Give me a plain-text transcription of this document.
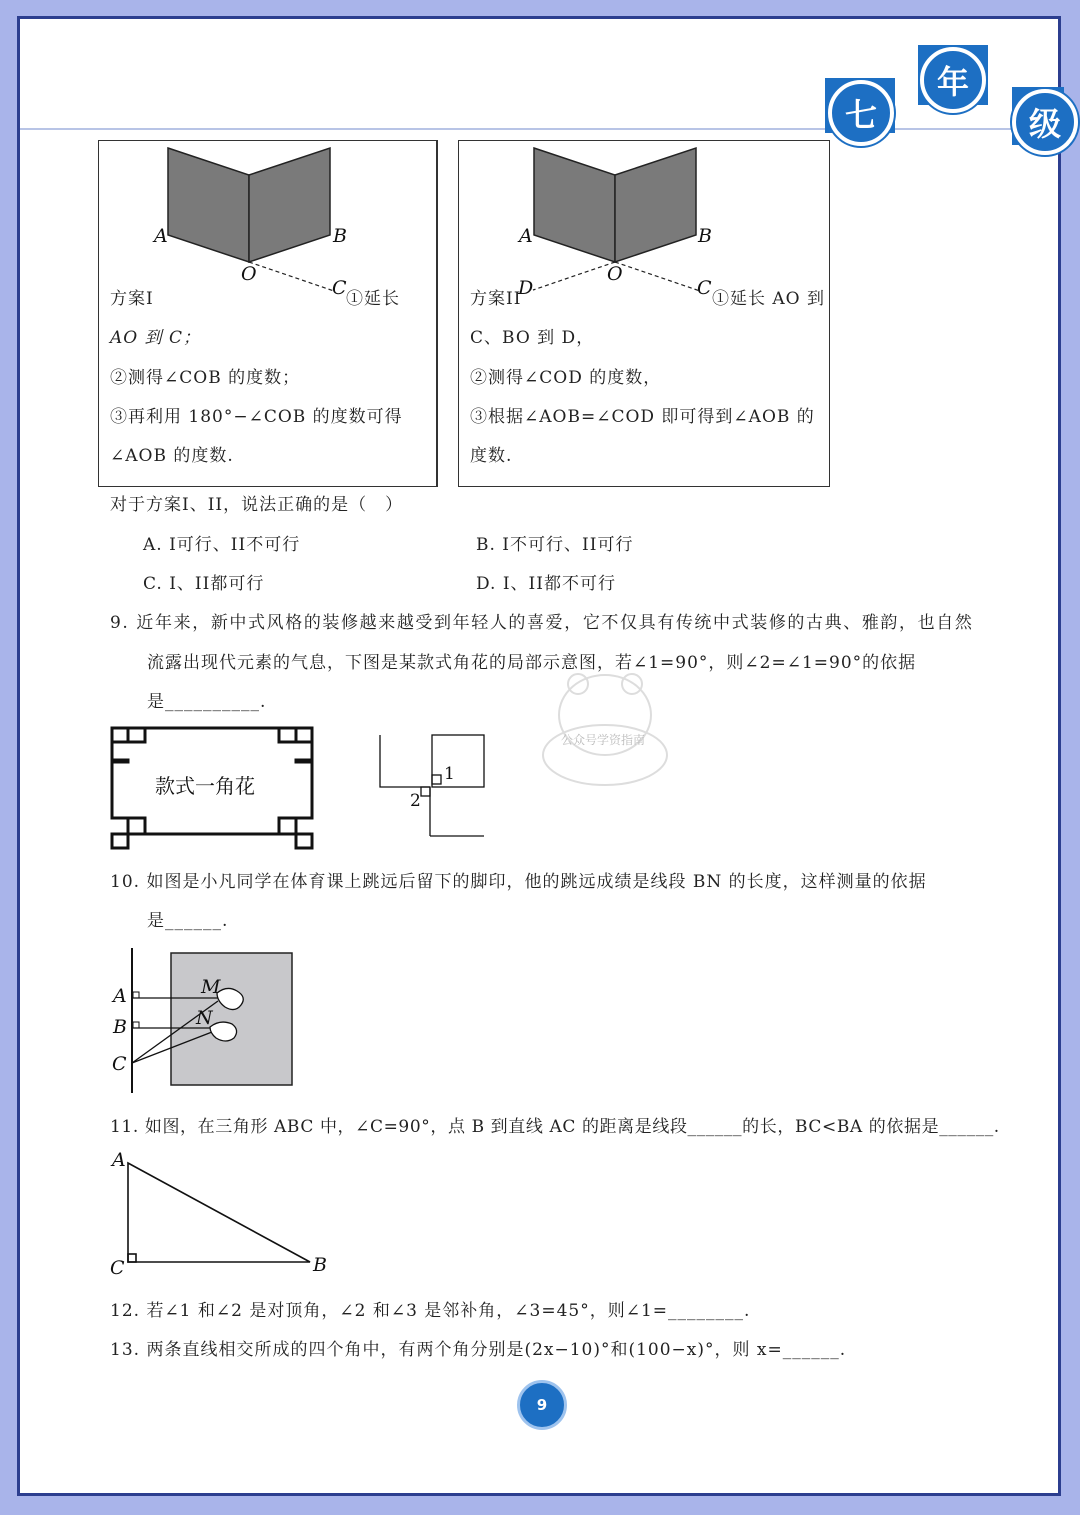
七
年
级
A	B
O
C
A	B
O
C
D
A
B
C
M
N
A
C	B
1
2
款式一角花
公众号学资指南
方案I	①延长
AO 到 C；
②测得∠COB 的度数；
③再利用 180°−∠COB 的度数可得
∠AOB 的度数.
方案II	①延长 AO 到
C、BO 到 D，
②测得∠COD 的度数，
③根据∠AOB=∠COD 即可得到∠AOB 的
度数.
对于方案I、II，说法正确的是（　）
A. I可行、II不可行	B. I不可行、II可行
C. I、II都可行	D. I、II都不可行
9. 近年来，新中式风格的装修越来越受到年轻人的喜爱，它不仅具有传统中式装修的古典、雅韵，也自然
流露出现代元素的气息，下图是某款式角花的局部示意图，若∠1=90°，则∠2=∠1=90°的依据
是__________.
10. 如图是小凡同学在体育课上跳远后留下的脚印，他的跳远成绩是线段 BN 的长度，这样测量的依据
是______.
11. 如图，在三角形 ABC 中，∠C=90°，点 B 到直线 AC 的距离是线段______的长，BC<BA 的依据是______.
12. 若∠1 和∠2 是对顶角，∠2 和∠3 是邻补角，∠3=45°，则∠1=________.
13. 两条直线相交所成的四个角中，有两个角分别是(2x−10)°和(100−x)°，则 x=______.
9
